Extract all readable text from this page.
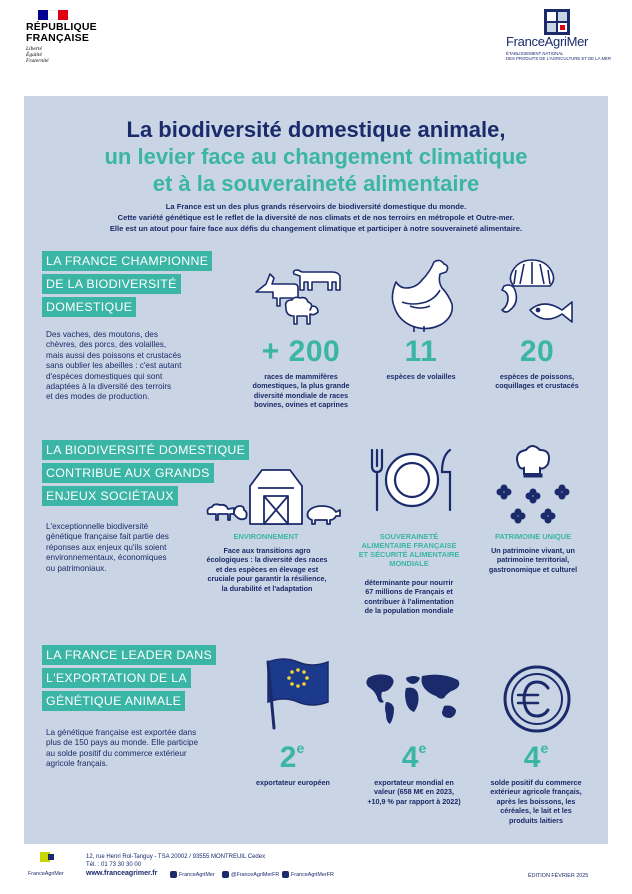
RÉPUBLIQUE
FRANÇAISE
Liberté
Égalité
Fraternité
FranceAgriMer
ÉTABLISSEMENT NATIONAL
DES PRODUITS DE L'AGRICULTURE ET DE LA MER
La biodiversité domestique animale,
un levier face au changement climatique
et à la souveraineté alimentaire
La France est un des plus grands réservoirs de biodiversité domestique du monde.
Cette variété génétique est le reflet de la diversité de nos climats et de nos terroirs en métropole et Outre-mer.
Elle est un atout pour faire face aux défis du changement climatique et participer à notre souveraineté alimentaire.
LA FRANCE CHAMPIONNE
DE LA BIODIVERSITÉ
DOMESTIQUE
Des vaches, des moutons, des
chèvres, des porcs, des volailles,
mais aussi des poissons et crustacés
sans oublier les abeilles : c'est autant
d'espèces domestiques qui sont
adaptées à la diversité des terroirs
et des modes de production.
+ 200
races de mammifères
domestiques, la plus grande
diversité mondiale de races
bovines, ovines et caprines
11
espèces de volailles
20
espèces de poissons,
coquillages et crustacés
LA BIODIVERSITÉ DOMESTIQUE
CONTRIBUE AUX GRANDS
ENJEUX SOCIÉTAUX
L'exceptionnelle biodiversité
génétique française fait partie des
réponses aux enjeux qu'ils soient
environnementaux, économiques
ou patrimoniaux.
ENVIRONNEMENT
Face aux transitions agro
écologiques : la diversité des races
et des espèces en élevage est
cruciale pour garantir la résilience,
la durabilité et l'adaptation
SOUVERAINETÉ
ALIMENTAIRE FRANÇAISE
ET SÉCURITÉ ALIMENTAIRE
MONDIALE
déterminante pour nourrir
67 millions de Français et
contribuer à l'alimentation
de la population mondiale
PATRIMOINE UNIQUE
Un patrimoine vivant, un
patrimoine territorial,
gastronomique et culturel
LA FRANCE LEADER DANS
L'EXPORTATION DE LA
GÉNÉTIQUE ANIMALE
La génétique française est exportée dans
plus de 150 pays au monde. Elle participe
au solde positif du commerce extérieur
agricole français.	2e
exportateur européen
4e
exportateur mondial en
valeur (658 M€ en 2023,
+10,9 % par rapport à 2022)
4e
solde positif du commerce
extérieur agricole français,
après les boissons, les
céréales, le lait et les
produits laitiers
FranceAgriMer
12, rue Henri Rol-Tanguy - TSA 20002 / 93555 MONTREUIL Cedex
Tél. : 01 73 30 30 00
www.franceagrimer.fr	FranceAgriMer	@FranceAgriMerFR FranceAgriMerFR	ÉDITION FÉVRIER 2025
